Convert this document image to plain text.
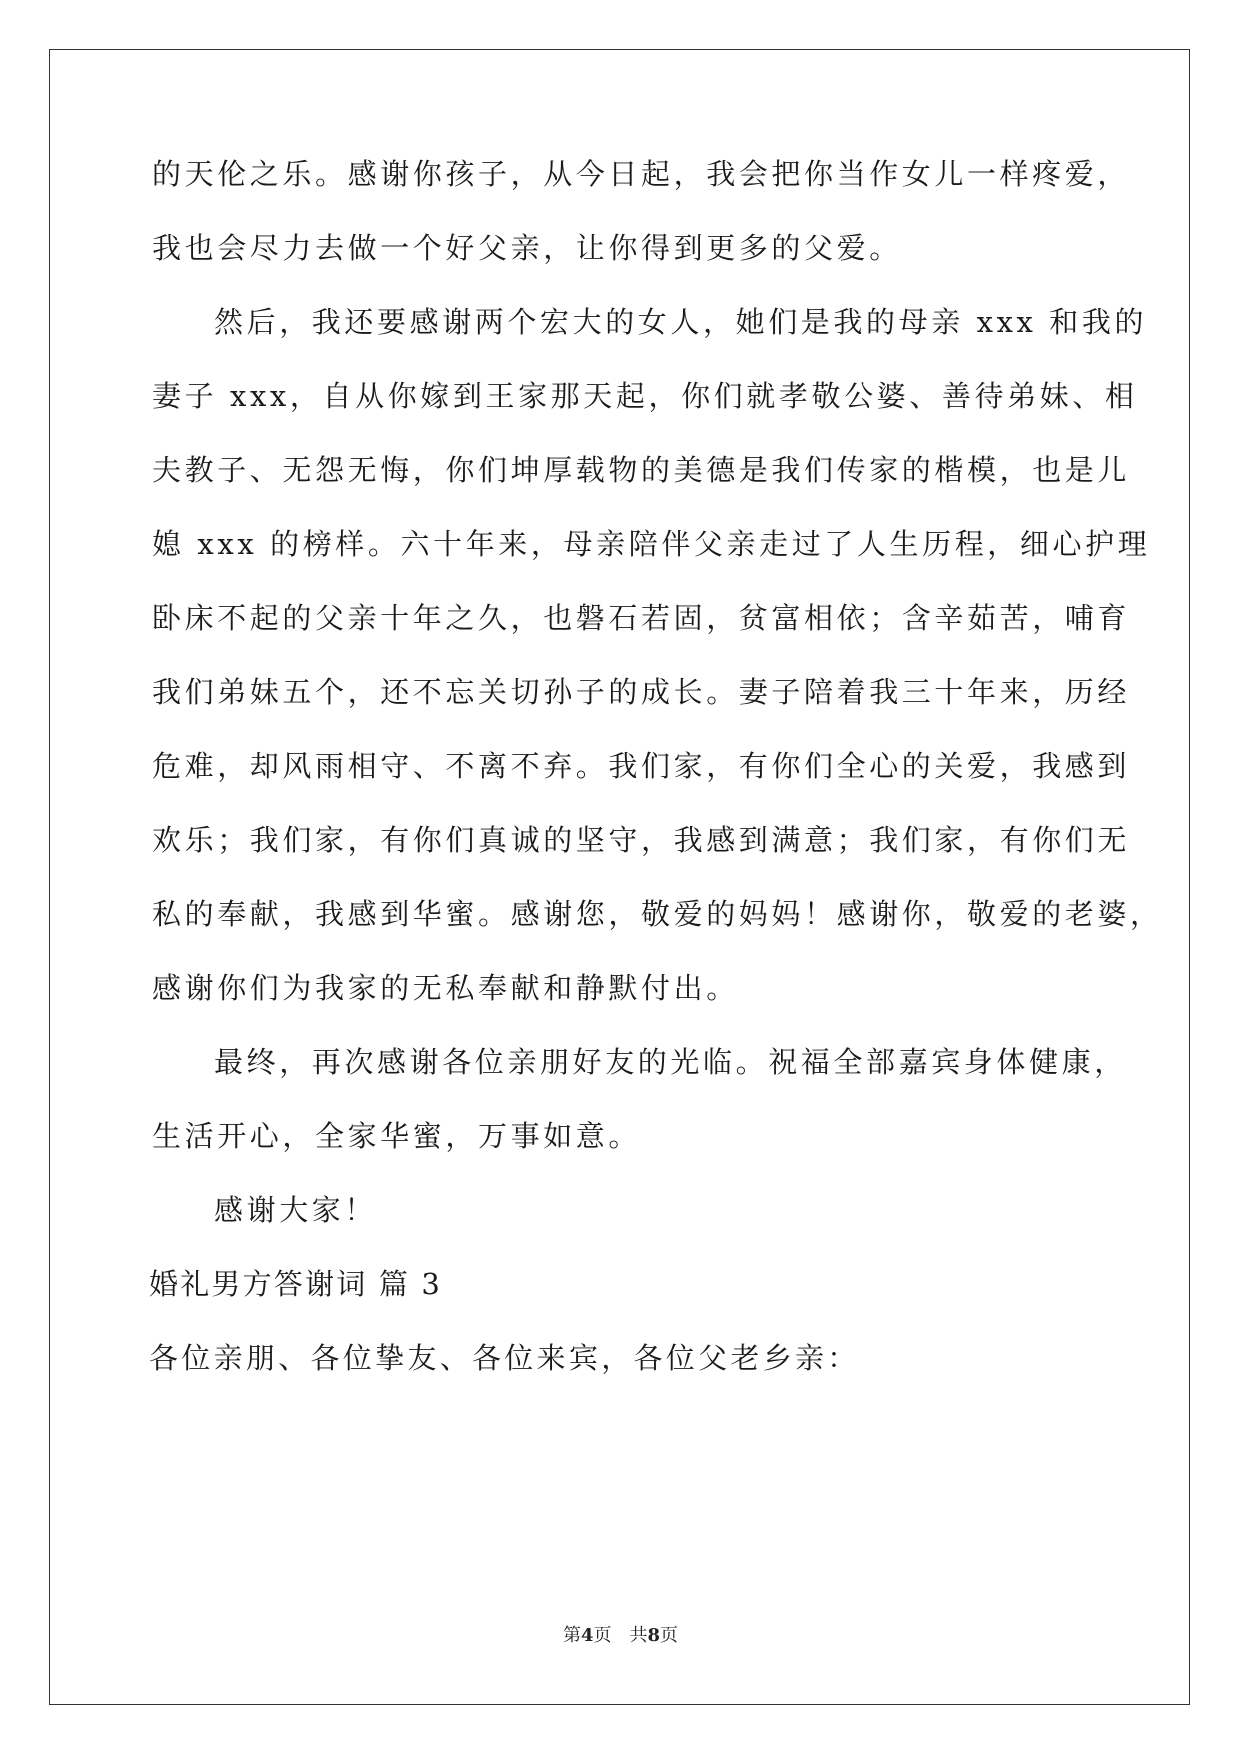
的天伦之乐。感谢你孩子，从今日起，我会把你当作女儿一样疼爱，
我也会尽力去做一个好父亲，让你得到更多的父爱。
然后，我还要感谢两个宏大的女人，她们是我的母亲 xxx 和我的
妻子 xxx，自从你嫁到王家那天起，你们就孝敬公婆、善待弟妹、相
夫教子、无怨无悔，你们坤厚载物的美德是我们传家的楷模，也是儿
媳 xxx 的榜样。六十年来，母亲陪伴父亲走过了人生历程，细心护理
卧床不起的父亲十年之久，也磐石若固，贫富相依；含辛茹苦，哺育
我们弟妹五个，还不忘关切孙子的成长。妻子陪着我三十年来，历经
危难，却风雨相守、不离不弃。我们家，有你们全心的关爱，我感到
欢乐；我们家，有你们真诚的坚守，我感到满意；我们家，有你们无
私的奉献，我感到华蜜。感谢您，敬爱的妈妈！感谢你，敬爱的老婆，
感谢你们为我家的无私奉献和静默付出。
最终，再次感谢各位亲朋好友的光临。祝福全部嘉宾身体健康，
生活开心，全家华蜜，万事如意。
感谢大家！
婚礼男方答谢词 篇 3
各位亲朋、各位挚友、各位来宾，各位父老乡亲：
第4页 共8页
